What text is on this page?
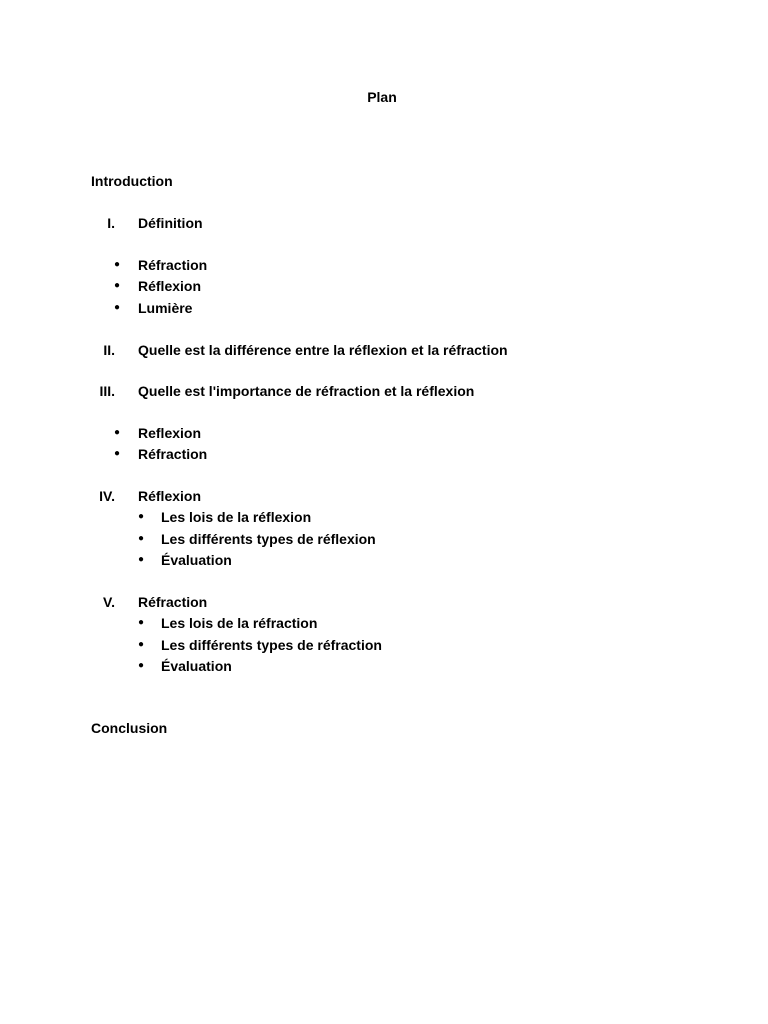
Plan
Introduction
I. Définition
● Réfraction
● Réflexion
● Lumière
II. Quelle est la différence entre la réflexion et la réfraction
III. Quelle est l'importance de réfraction et la réflexion
● Reflexion
● Réfraction
IV. Réflexion
● Les lois de la réflexion
● Les différents types de réflexion
● Évaluation
V. Réfraction
● Les lois de la réfraction
● Les différents types de réfraction
● Évaluation
Conclusion
